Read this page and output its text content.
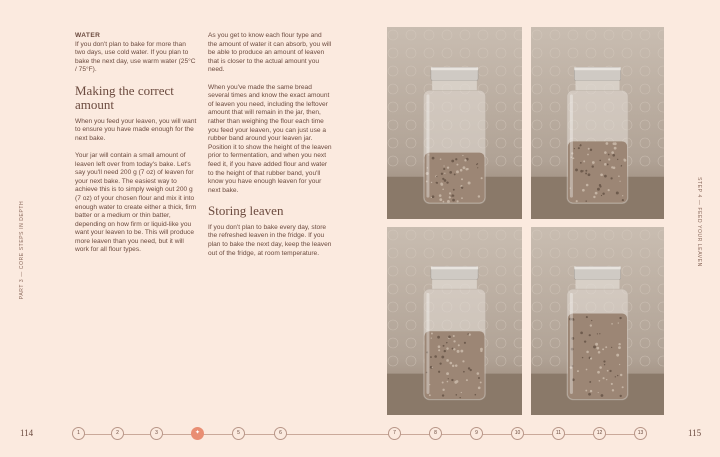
PART 3 — CORE STEPS IN DEPTH	STEP 4 — FEED YOUR LEAVEN
WATER

If you don't plan to bake for more than two days, use cold water. If you plan to bake the next day, use warm water (25°C / 75°F).

Making the correct amount

When you feed your leaven, you will want to ensure you have made enough for the next bake.

Your jar will contain a small amount of leaven left over from today's bake. Let's say you'll need 200 g (7 oz) of leaven for your next bake. The easiest way to achieve this is to simply weigh out 200 g (7 oz) of your chosen flour and mix it into enough water to create either a thick, firm batter or a medium or thin batter, depending on how firm or liquid-like you want your leaven to be. This will produce more leaven than you need, but it will work for all flour types.

As you get to know each flour type and the amount of water it can absorb, you will be able to produce an amount of leaven that is closer to the actual amount you need.

When you've made the same bread several times and know the exact amount of leaven you need, including the leftover amount that will remain in the jar, then, rather than weighing the flour each time you feed your leaven, you can just use a rubber band around your leaven jar. Position it to show the height of the leaven prior to fermentation, and when you next feed it, if you have added flour and water to the height of that rubber band, you'll know you have enough leaven for your next bake.

Storing leaven

If you don't plan to bake every day, store the refreshed leaven in the fridge. If you plan to bake the next day, keep the leaven out of the fridge, at room temperature.

114	115
1	2	3	✦	5	6	7	8	9	10	11	12	13
